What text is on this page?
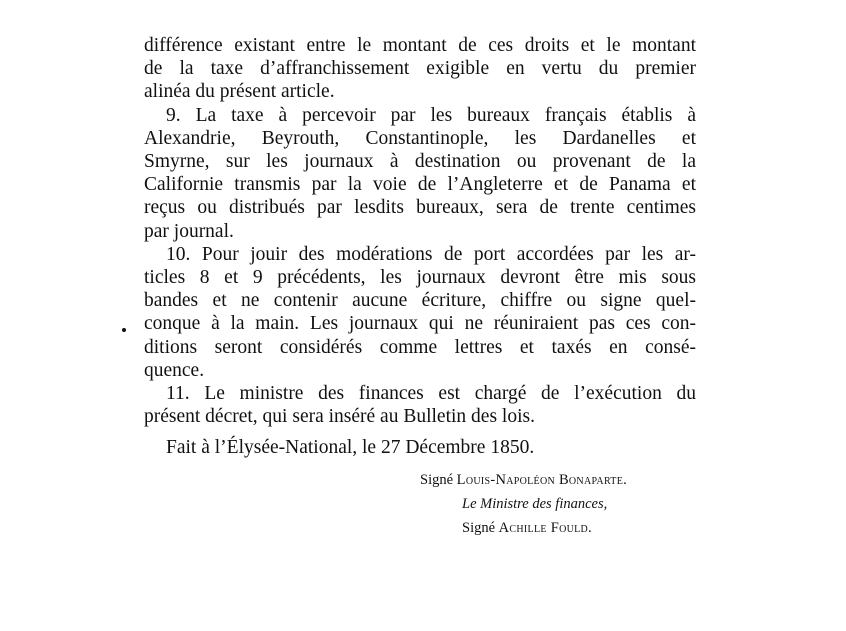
différence existant entre le montant de ces droits et le montant
de la taxe d’affranchissement exigible en vertu du premier
alinéa du présent article.
9. La taxe à percevoir par les bureaux français établis à
Alexandrie, Beyrouth, Constantinople, les Dardanelles et
Smyrne, sur les journaux à destination ou provenant de la
Californie transmis par la voie de l’Angleterre et de Panama et
reçus ou distribués par lesdits bureaux, sera de trente centimes
par journal.
10. Pour jouir des modérations de port accordées par les ar-
ticles 8 et 9 précédents, les journaux devront être mis sous
bandes et ne contenir aucune écriture, chiffre ou signe quel-
conque à la main. Les journaux qui ne réuniraient pas ces con-
ditions seront considérés comme lettres et taxés en consé-
quence.
11. Le ministre des finances est chargé de l’exécution du
présent décret, qui sera inséré au Bulletin des lois.
Fait à l’Élysée-National, le 27 Décembre 1850.
Signé Louis-Napoléon Bonaparte.
Le Ministre des finances,
Signé Achille Fould.
